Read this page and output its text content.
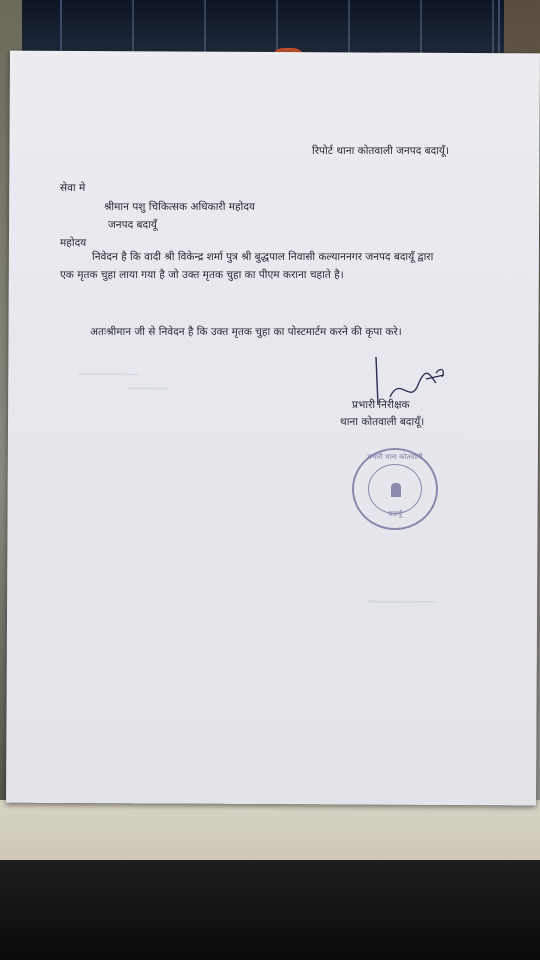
रिपोर्ट थाना कोतवाली जनपद बदायूँ।
सेवा मे
श्रीमान पशु चिकित्सक अधिकारी महोदय
जनपद बदायूँ
महोदय
निवेदन है कि वादी श्री विकेन्द्र शर्मा पुत्र श्री बुद्धपाल निवासी कल्याननगर जनपद बदायूँ द्वारा
एक मृतक चुहा लाया गया है जो उक्त मृतक चुहा का पीएम कराना चहाते है।
अतःश्रीमान जी से निवेदन है कि उक्त मृतक चुहा का पोस्टमार्टम करने की कृपा करे।
प्रभारी निरीक्षक
थाना कोतवाली बदायूँ।
प्रभारी थाना कोतवाली
बदायूँ
